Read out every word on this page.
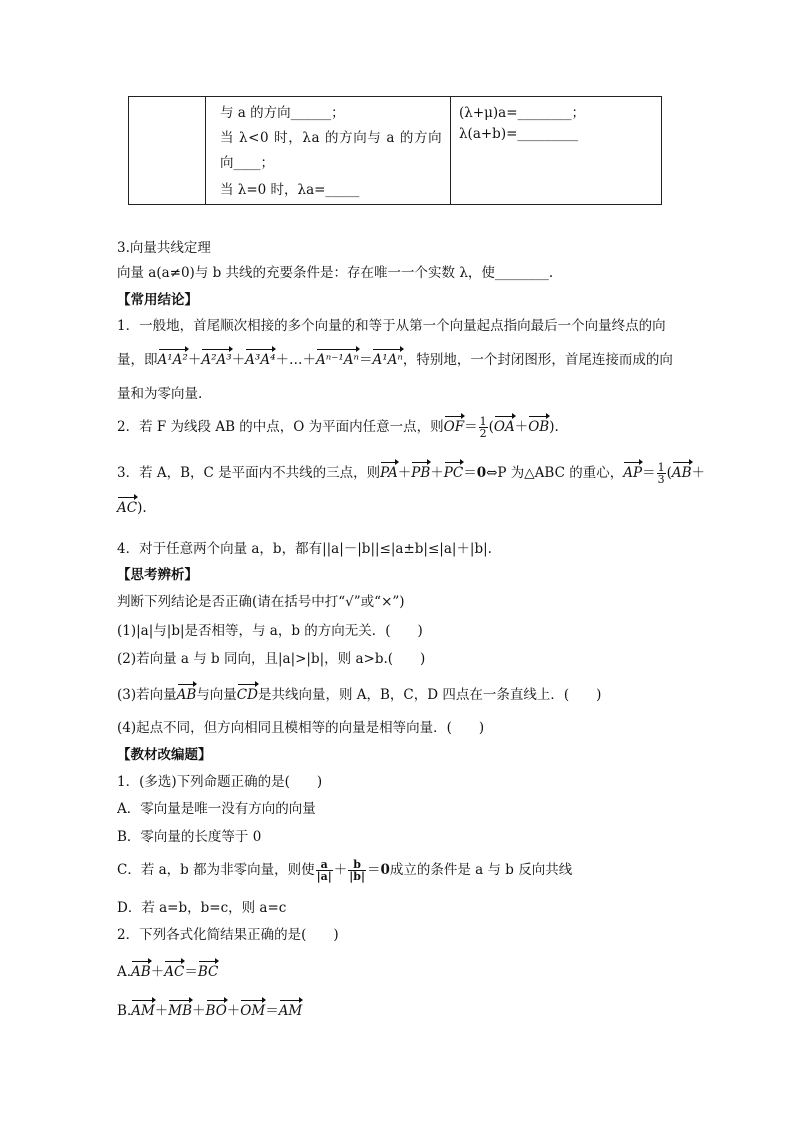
与 a 的方向______；
当 λ<0 时，λa 的方向与 a 的方向
向____；
当 λ=0 时，λa=_____
(λ+μ)a=________；
λ(a+b)=_________
3.向量共线定理
向量 a(a≠0)与 b 共线的充要条件是：存在唯一一个实数 λ，使________.
【常用结论】
1．一般地，首尾顺次相接的多个向量的和等于从第一个向量起点指向最后一个向量终点的向
量，即A¹A²＋A²A³＋A³A⁴＋…＋Aⁿ⁻¹Aⁿ＝A¹Aⁿ，特别地，一个封闭图形，首尾连接而成的向
量和为零向量.
2．若 F 为线段 AB 的中点，O 为平面内任意一点，则$OF= \frac{1}{2} (OA+OB)$.
3．若 A，B，C 是平面内不共线的三点，则PA＋PB＋PC＝0⇔P 为△ABC 的重心，$AP= \frac{1}{3} (AB+$
AC).
4．对于任意两个向量 a，b，都有||a|－|b||≤|a±b|≤|a|＋|b|.
【思考辨析】
判断下列结论是否正确(请在括号中打“√”或“×”)
(1)|a|与|b|是否相等，与 a，b 的方向无关．(　　)
(2)若向量 a 与 b 同向，且|a|>|b|，则 a>b.(　　)
(3)若向量AB与向量CD是共线向量，则 A，B，C，D 四点在一条直线上．(　　)
(4)起点不同，但方向相同且模相等的向量是相等向量．(　　)
【教材改编题】
1．(多选)下列命题正确的是(　　)
A．零向量是唯一没有方向的向量
B．零向量的长度等于 0
C．若 a，b 都为非零向量，则使 $\frac{a}{|a|} + \frac{b}{|b|} =0$成立的条件是 a 与 b 反向共线
D．若 a=b，b=c，则 a=c
2．下列各式化简结果正确的是(　　)
A.AB＋AC＝BC
B.AM＋MB＋BO＋OM＝AM
